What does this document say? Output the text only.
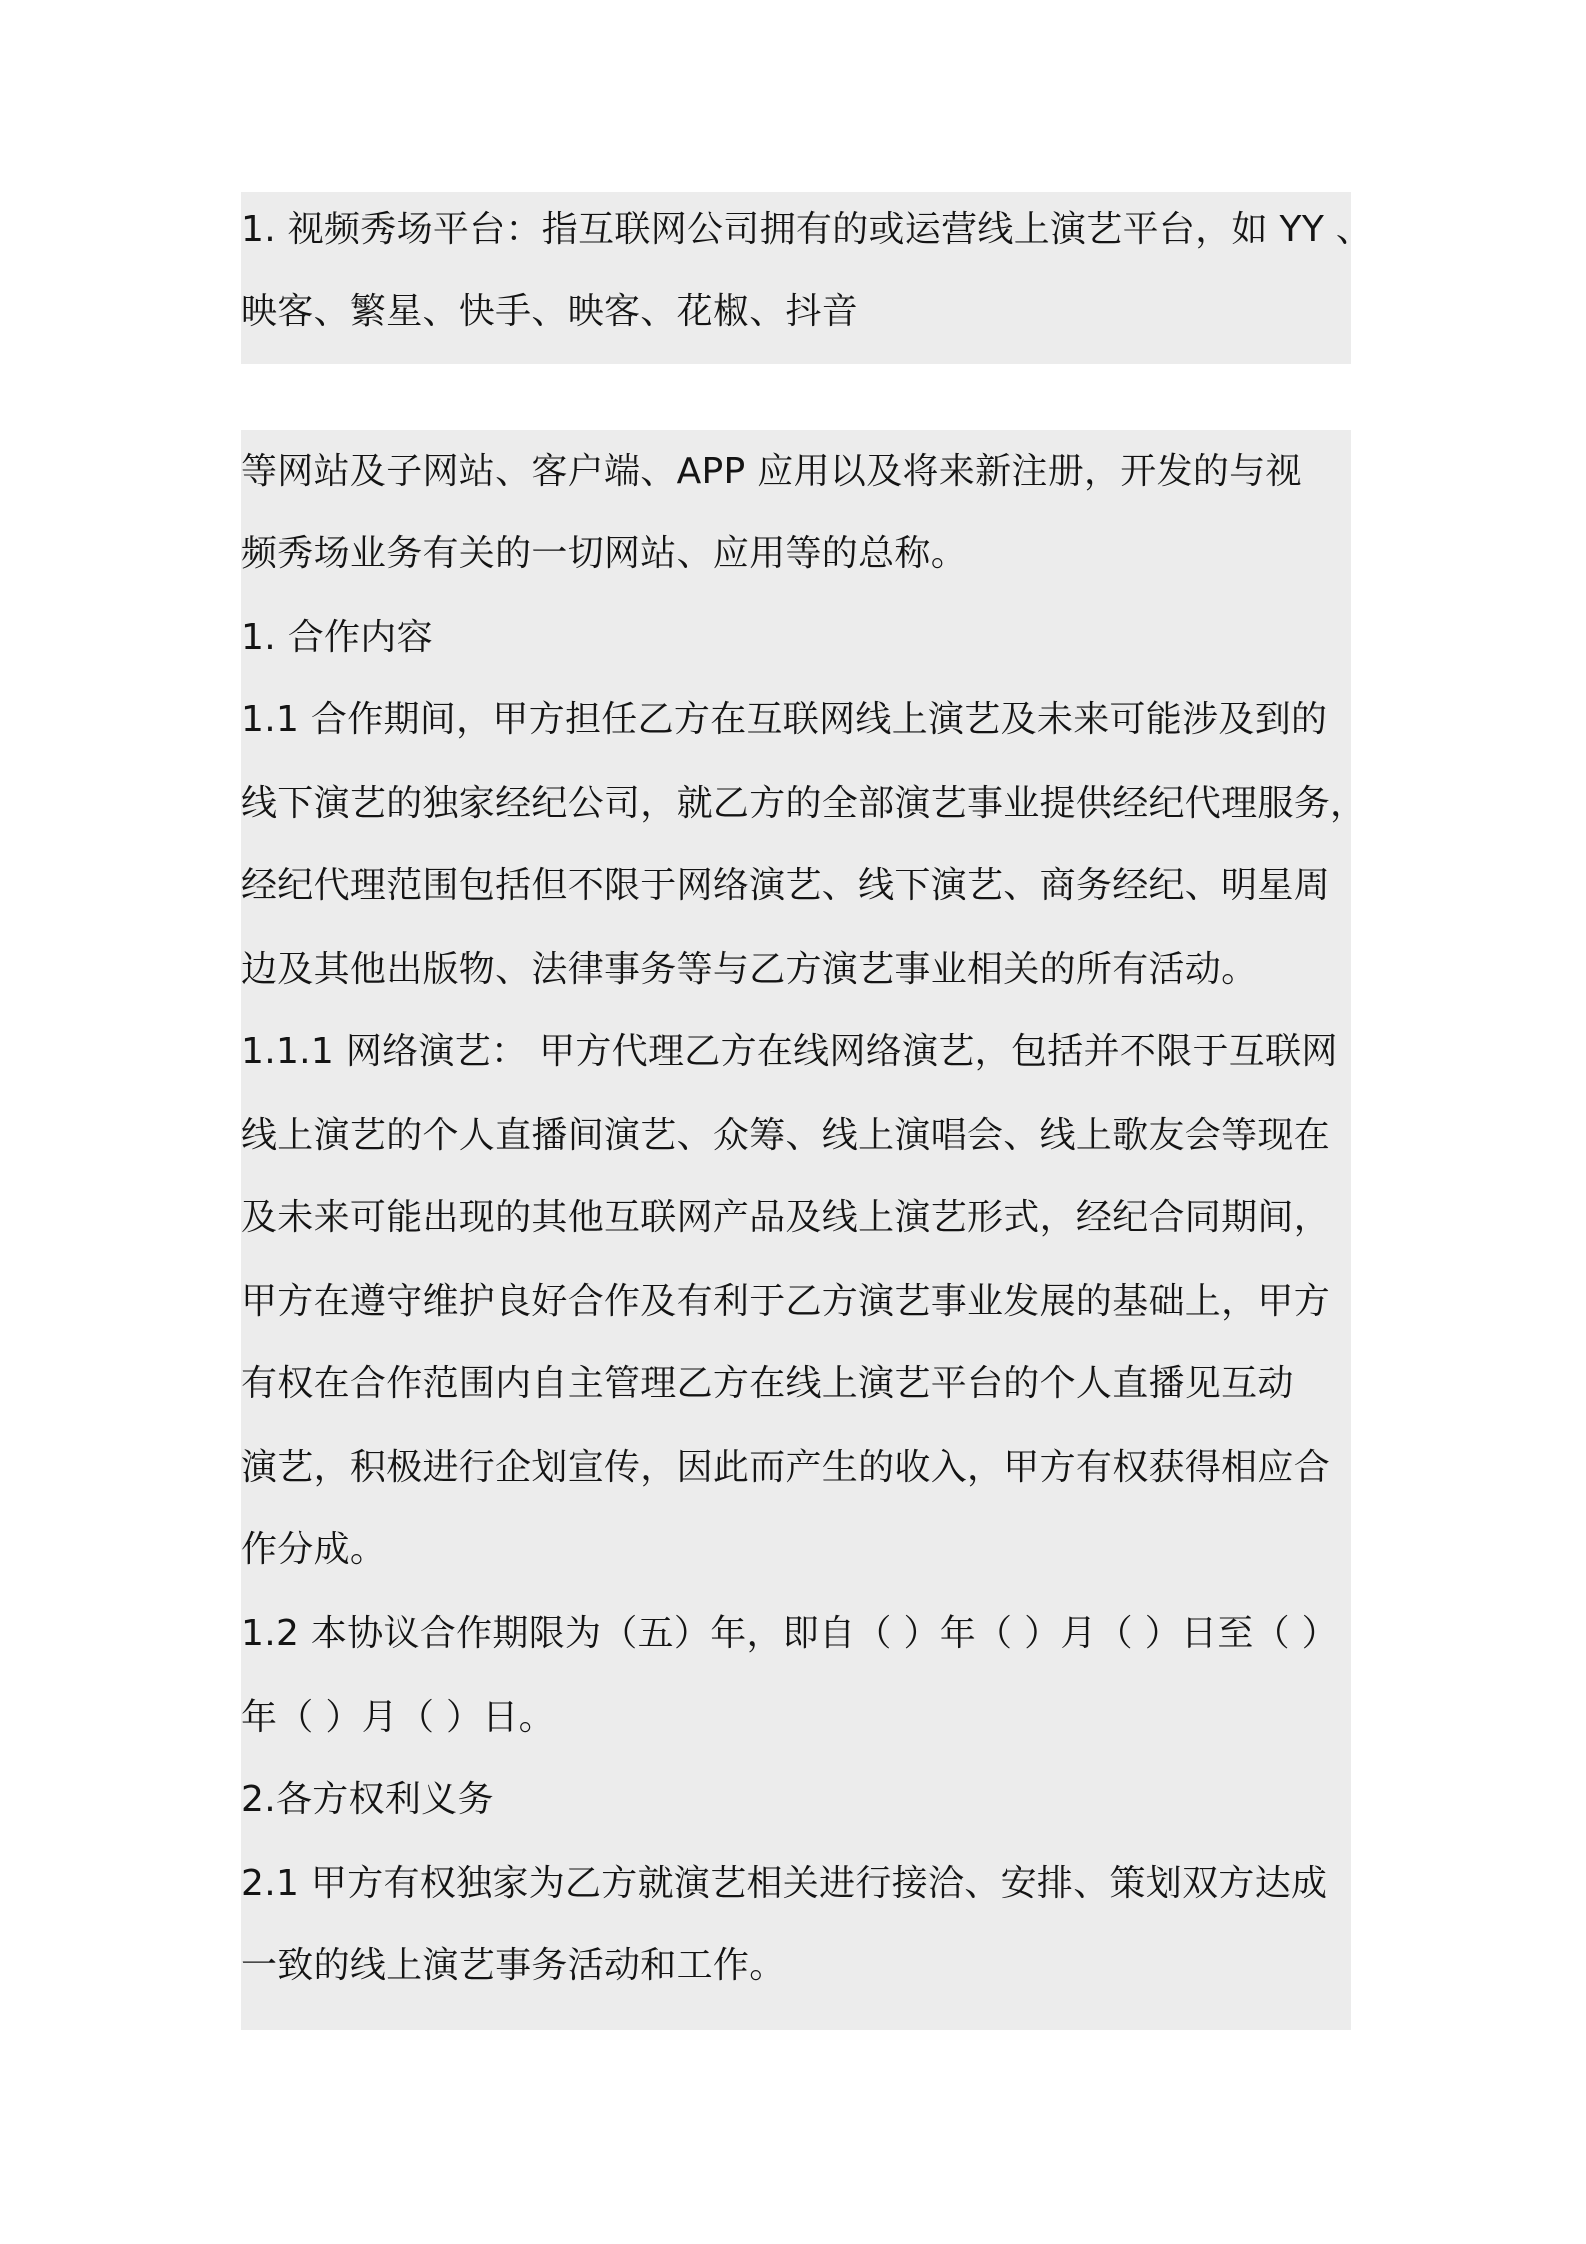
1. 视频秀场平台：指互联网公司拥有的或运营线上演艺平台，如 YY 、

映客、繁星、快手、映客、花椒、抖音

等网站及子网站、客户端、APP 应用以及将来新注册，开发的与视

频秀场业务有关的一切网站、应用等的总称。

1. 合作内容

1.1 合作期间，甲方担任乙方在互联网线上演艺及未来可能涉及到的

线下演艺的独家经纪公司，就乙方的全部演艺事业提供经纪代理服务，

经纪代理范围包括但不限于网络演艺、线下演艺、商务经纪、明星周

边及其他出版物、法律事务等与乙方演艺事业相关的所有活动。

1.1.1 网络演艺： 甲方代理乙方在线网络演艺，包括并不限于互联网

线上演艺的个人直播间演艺、众筹、线上演唱会、线上歌友会等现在

及未来可能出现的其他互联网产品及线上演艺形式，经纪合同期间，

甲方在遵守维护良好合作及有利于乙方演艺事业发展的基础上，甲方

有权在合作范围内自主管理乙方在线上演艺平台的个人直播见互动

演艺，积极进行企划宣传，因此而产生的收入，甲方有权获得相应合

作分成。

1.2 本协议合作期限为（五）年，即自（ ）年（ ）月（ ）日至（ ）

年（ ）月（ ）日。

2.各方权利义务

2.1 甲方有权独家为乙方就演艺相关进行接洽、安排、策划双方达成

一致的线上演艺事务活动和工作。
